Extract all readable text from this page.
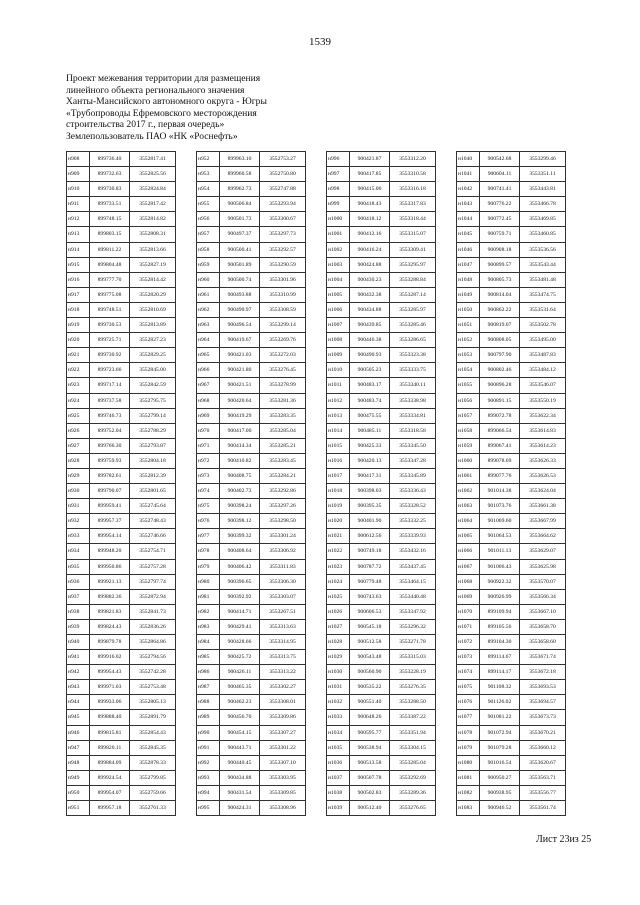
1539
Проект межевания территории для размещения
линейного объекта регионального значения
Ханты-Мансийского автономного округа - Югры
«Трубопроводы Ефремовского месторождения
строительства 2017 г., первая очередь»
Землепользователь ПАО «НК «Роснефть»
н908	899736.40	3552817.41
н909	899732.63	3552825.56
н910	899730.83	3552824.84
н911	899733.51	3552817.42
н912	899748.15	3552814.82
н913	899803.15	3552808.31
н914	899811.22	3552813.66
н915	899804.48	3552827.19
н916	899777.70	3552814.42
н917	899775.08	3552820.29
н918	899748.51	3552810.69
н919	899730.53	3552813.89
н920	899725.71	3552827.23
н921	899730.92	3552829.25
н922	899723.66	3552845.00
н923	899717.14	3552842.59
н924	899737.58	3552795.75
н925	899746.73	3552799.14
н926	899752.04	3552788.29
н927	899766.30	3552793.87
н928	899759.93	3552804.18
н929	899782.61	3552812.39
н930	899790.07	3552801.65
н931	899959.41	3552745.64
н932	899957.37	3552748.43
н933	899954.14	3552746.66
н934	899948.20	3552754.71
н935	899950.86	3552757.28
н936	899921.13	3552797.74
н937	899882.36	3552872.94
н938	899821.83	3552841.73
н939	899824.43	3552836.26
н940	899879.78	3552864.86
н941	899916.02	3552794.56
н942	899954.43	3552742.28
н943	899971.03	3552753.48
н944	899933.06	3552805.13
н945	899888.40	3552891.79
н946	899815.81	3552854.43
н947	899820.11	3552845.35
н948	899884.09	3552878.33
н949	899924.54	3552799.85
н950	899954.07	3552759.66
н951	899957.18	3552761.33
н952	899963.10	3552753.27
н953	899960.58	3552750.80
н954	899962.73	3552747.88
н955	900506.84	3553293.94
н956	900501.73	3553300.67
н957	900497.37	3553297.73
н958	900500.41	3553292.57
н959	900501.89	3553290.59
н960	900500.74	3553301.96
н961	900493.88	3553310.99
н962	900490.97	3553308.59
н963	900496.54	3553299.14
н964	900419.67	3553269.76
н965	900421.03	3553272.03
н966	900421.80	3553276.45
н967	900421.51	3553278.99
н968	900420.64	3553281.36
н969	900419.29	3553283.35
н970	900417.00	3553285.04
н971	900414.34	3553285.21
н972	900410.82	3553283.45
н973	900408.75	3553284.21
н974	900402.73	3553292.86
н975	900398.24	3553297.26
н976	900398.12	3553298.50
н977	900399.32	3553301.24
н978	900408.64	3553306.92
н979	900406.42	3553311.83
н980	900396.65	3553306.30
н981	900392.92	3553303.07
н982	900414.71	3553267.51
н983	900429.41	3553313.63
н984	900428.66	3553314.95
н985	900425.72	3553313.75
н986	900426.11	3553313.22
н987	900465.35	3553302.27
н988	900462.23	3553308.01
н989	900456.70	3553309.86
н990	900454.15	3553307.27
н991	900443.71	3553301.22
н992	900440.45	3553307.10
н993	900434.88	3553303.95
н994	900431.54	3553309.85
н995	900424.31	3553308.96
н996	900421.87	3553312.20
н997	900417.85	3553310.58
н998	900415.06	3553316.18
н999	900418.43	3553317.83
н1000	900418.12	3553318.44
н1001	900412.16	3553315.07
н1002	900416.24	3553309.41
н1003	900424.88	3553295.97
н1004	900430.23	3553288.84
н1005	900432.38	3553287.14
н1006	900434.88	3553285.97
н1007	900439.85	3553285.46
н1008	900446.38	3553286.65
н1009	900490.93	3553323.38
н1010	900505.23	3553333.75
н1011	900483.17	3553340.11
н1012	900483.74	3553338.98
н1013	900475.55	3553334.81
н1014	900485.11	3553318.58
н1015	900425.33	3553345.50
н1016	900420.13	3553347.28
н1017	900417.31	3553345.89
н1018	900398.03	3553336.43
н1019	900395.35	3553328.52
н1020	900401.90	3553332.25
н1021	900612.56	3553339.93
н1022	900749.18	3553432.16
н1023	900787.72	3553437.45
н1024	900779.48	3553464.15
н1025	900743.63	3553440.48
н1026	900606.53	3553347.92
н1027	900545.18	3553296.32
н1028	900512.58	3553271.78
н1029	900543.48	3553315.03
н1030	900560.90	3553228.19
н1031	900535.22	3553276.35
н1032	900551.40	3553288.50
н1033	900648.26	3553387.22
н1034	900595.77	3553351.94
н1035	900538.94	3553304.15
н1036	900513.58	3553285.04
н1037	900507.78	3553292.69
н1038	900502.83	3553289.36
н1039	900512.40	3553276.65
н1040	900542.68	3553299.46
н1041	900604.11	3553351.11
н1042	900741.41	3553443.81
н1043	900776.22	3553466.78
н1044	900772.45	3553469.85
н1045	900759.71	3553460.85
н1046	900908.18	3553536.56
н1047	900899.57	3553543.44
н1048	900805.73	3553481.48
н1049	900814.04	3553474.75
н1050	900862.22	3553531.64
н1051	900819.07	3553502.78
н1052	900808.05	3553495.00
н1053	900797.90	3553487.83
н1054	900802.46	3553484.12
н1055	900896.28	3553546.07
н1056	900891.15	3553550.19
н1057	899072.78	3553622.34
н1058	899066.54	3553614.83
н1059	899067.41	3553614.23
н1060	899078.69	3553626.33
н1061	899077.76	3553626.53
н1062	901014.38	3553624.04
н1063	901073.76	3553661.38
н1064	901069.60	3553667.99
н1065	901064.53	3553664.62
н1066	901011.13	3553629.07
н1067	901006.43	3553625.98
н1068	900922.32	3553570.07
н1069	900926.99	3553566.34
н1070	899109.94	3553667.10
н1071	899105.56	3553658.70
н1072	899104.30	3553658.60
н1073	899114.67	3553671.74
н1074	899114.17	3553672.18
н1075	901108.32	3553693.53
н1076	901126.02	3553694.57
н1077	901081.22	3553673.73
н1078	901072.94	3553670.21
н1079	901079.28	3553660.12
н1080	901016.54	3553620.67
н1081	900950.27	3553563.71
н1082	900938.95	3553556.77
н1083	900946.52	3553561.74
Лист 23из 25
